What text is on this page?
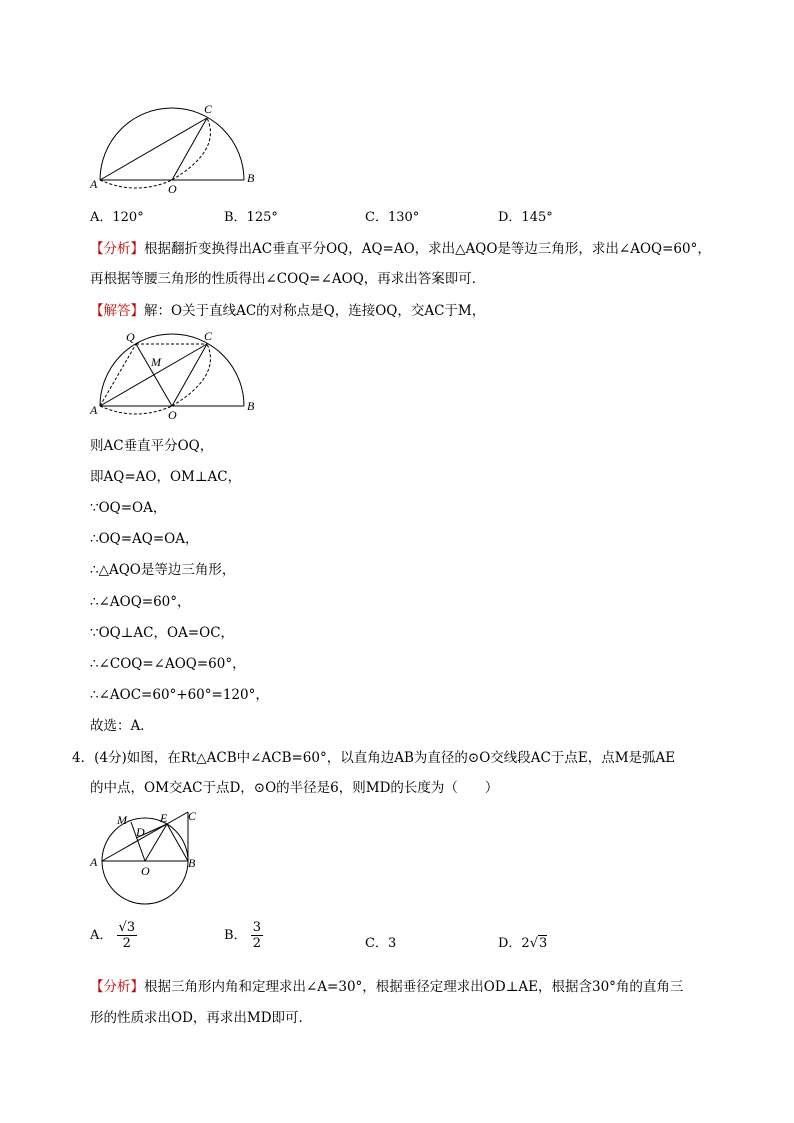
A	O
B
C
A．120°	B．125°	C．130°	D．145°
【分析】根据翻折变换得出AC垂直平分OQ，AQ=AO，求出△AQO是等边三角形，求出∠AOQ=60°，
再根据等腰三角形的性质得出∠COQ=∠AOQ，再求出答案即可．
【解答】解：O关于直线AC的对称点是Q，连接OQ，交AC于M，
Q	C
M
A	O
B
则AC垂直平分OQ，
即AQ=AO，OM⊥AC，
∵OQ=OA，
∴OQ=AQ=OA，
∴△AQO是等边三角形，
∴∠AOQ=60°，
∵OQ⊥AC，OA=OC，
∴∠COQ=∠AOQ=60°，
∴∠AOC=60°+60°=120°，
故选：A．
4．(4分)如图，在Rt△ACB中∠ACB=60°，以直角边AB为直径的⊙O交线段AC于点E，点M是弧AE
的中点，OM交AC于点D，⊙O的半径是6，则MD的长度为（　　）
M	E C
D
A
O
B
A． $\frac{√3}{2}$	B． $\frac{3}{2}$	C．3	D．2√3
【分析】根据三角形内角和定理求出∠A=30°，根据垂径定理求出OD⊥AE，根据含30°角的直角三
形的性质求出OD，再求出MD即可．
